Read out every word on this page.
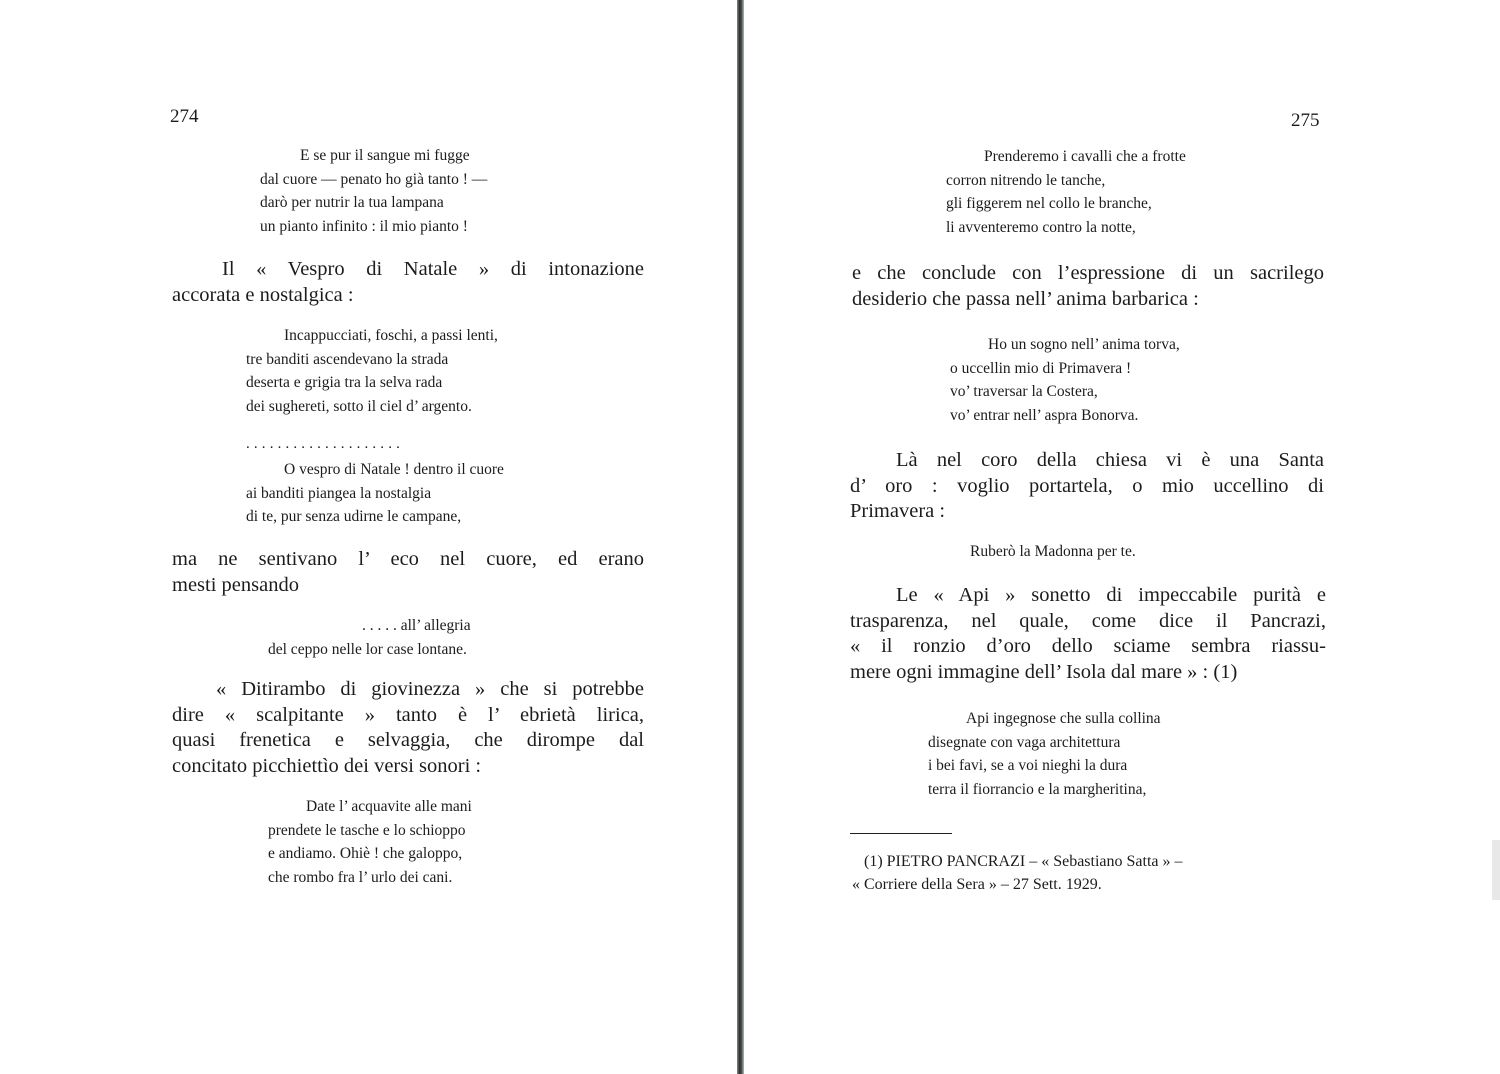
274
E se pur il sangue mi fugge
dal cuore — penato ho già tanto ! —
darò per nutrir la tua lampana
un pianto infinito : il mio pianto !

Il « Vespro di Natale » di intonazione
accorata e nostalgica :

Incappucciati, foschi, a passi lenti,
tre banditi ascendevano la strada
deserta e grigia tra la selva rada
dei sughereti, sotto il ciel d’ argento.
. . . . . . . . . . . . . . . . . . . .
O vespro di Natale ! dentro il cuore
ai banditi piangea la nostalgia
di te, pur senza udirne le campane,

ma ne sentivano l’ eco nel cuore, ed erano
mesti pensando

. . . . . all’ allegria
del ceppo nelle lor case lontane.

« Ditirambo di giovinezza » che si potrebbe
dire « scalpitante » tanto è l’ ebrietà lirica,
quasi frenetica e selvaggia, che dirompe dal
concitato picchiettìo dei versi sonori :

Date l’ acquavite alle mani
prendete le tasche e lo schioppo
e andiamo. Ohiè ! che galoppo,
che rombo fra l’ urlo dei cani.
275
Prenderemo i cavalli che a frotte
corron nitrendo le tanche,
gli figgerem nel collo le branche,
li avventeremo contro la notte,

e che conclude con l’espressione di un sacrilego
desiderio che passa nell’ anima barbarica :

Ho un sogno nell’ anima torva,
o uccellin mio di Primavera !
vo’ traversar la Costera,
vo’ entrar nell’ aspra Bonorva.

Là nel coro della chiesa vi è una Santa
d’ oro : voglio portartela, o mio uccellino di
Primavera :

Ruberò la Madonna per te.

Le « Api » sonetto di impeccabile purità e
trasparenza, nel quale, come dice il Pancrazi,
« il ronzio d’oro dello sciame sembra riassu-
mere ogni immagine dell’ Isola dal mare » : (1)

Api ingegnose che sulla collina
disegnate con vaga architettura
i bei favi, se a voi nieghi la dura
terra il fiorrancio e la margheritina,
(1) PIETRO PANCRAZI – « Sebastiano Satta » –
« Corriere della Sera » – 27 Sett. 1929.
